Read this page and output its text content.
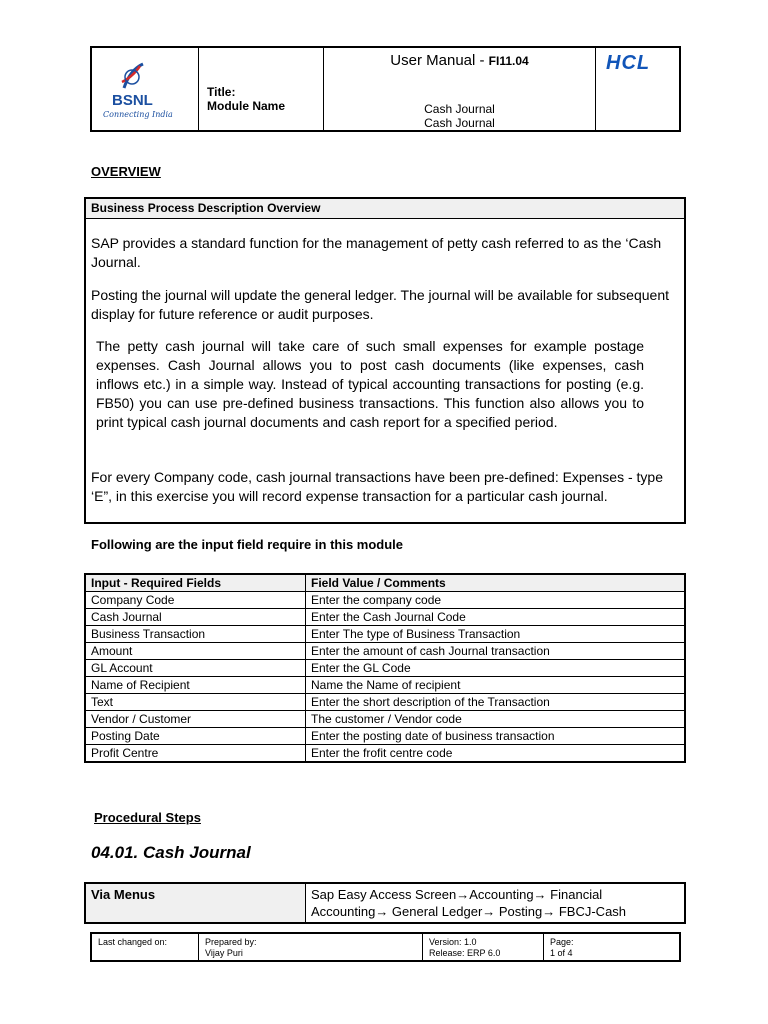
BSNL
Connecting India
Title:
Module Name
User Manual - FI11.04
Cash Journal
Cash Journal
HCL
OVERVIEW
Business Process Description Overview
SAP provides a standard function for the management of petty cash referred to as the ‘Cash Journal.
Posting the journal will update the general ledger. The journal will be available for subsequent display for future reference or audit purposes.
The petty cash journal will take care of such small expenses for example postage expenses. Cash Journal allows you to post cash documents (like expenses, cash inflows etc.) in a simple way. Instead of typical accounting transactions for posting (e.g. FB50) you can use pre-defined business transactions. This function also allows you to print typical cash journal documents and cash report for a specified period.
For every Company code, cash journal transactions have been pre-defined: Expenses - type
‘E”, in this exercise you will record expense transaction for a particular cash journal.
Following are the input field require in this module
Input - Required Fields	Field Value / Comments
Company Code	Enter the company code
Cash Journal	Enter the Cash Journal Code
Business Transaction	Enter The type of Business Transaction
Amount	Enter the amount of cash Journal transaction
GL Account	Enter the GL Code
Name of Recipient	Name the Name of recipient
Text	Enter the short description of the Transaction
Vendor / Customer	The customer / Vendor code
Posting Date	Enter the posting date of business transaction
Profit Centre	Enter the frofit centre code
Procedural Steps
04.01. Cash Journal
Via Menus	Sap Easy Access Screen→Accounting→ Financial
Accounting→ General Ledger→ Posting→ FBCJ-Cash
Last changed on:	Prepared by:
Vijay Puri
Version: 1.0
Release: ERP 6.0
Page:
1 of 4
